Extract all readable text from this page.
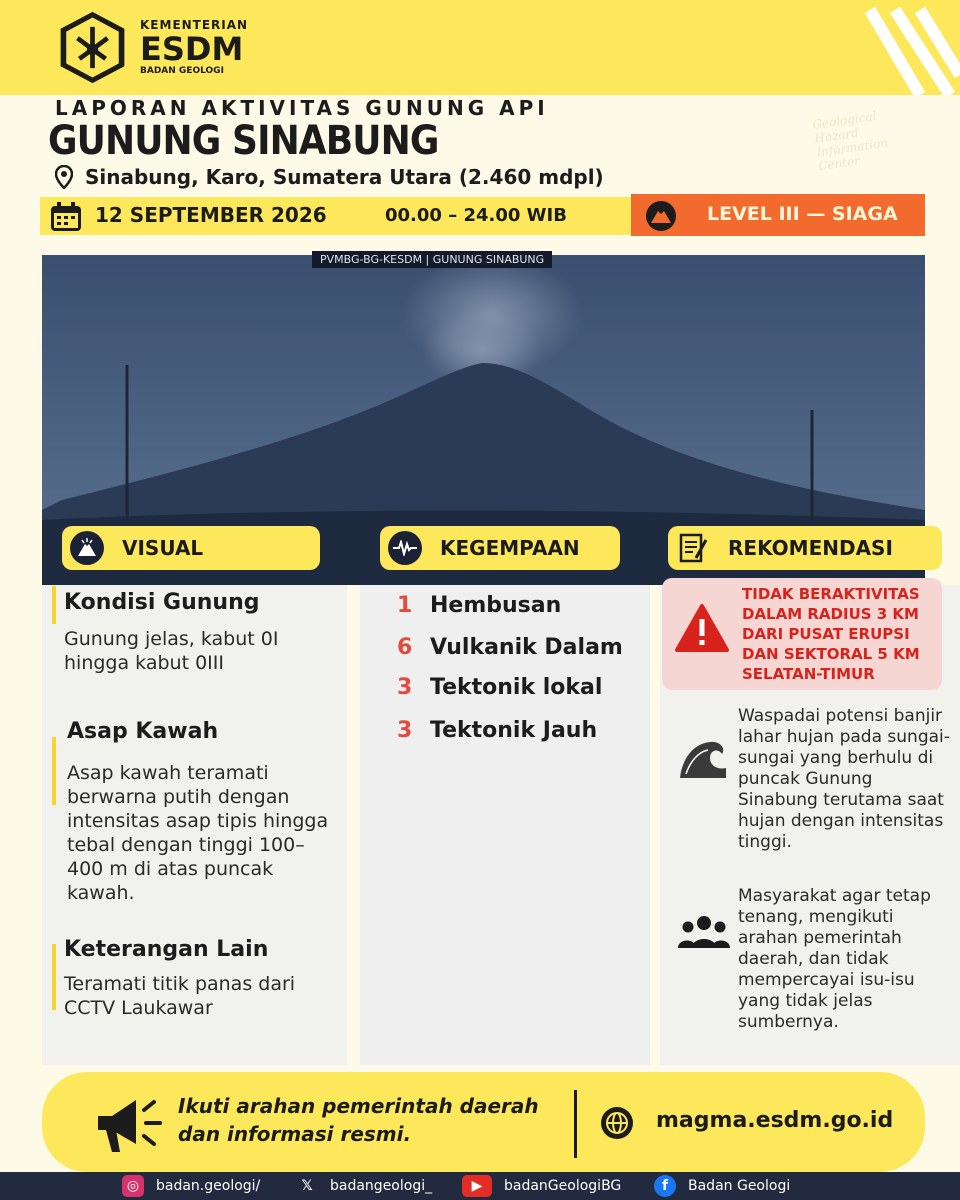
KEMENTERIAN
ESDM
BADAN GEOLOGI
Geological Hazard Information Center
LAPORAN AKTIVITAS GUNUNG API
GUNUNG SINABUNG
Sinabung, Karo, Sumatera Utara (2.460 mdpl)
12 SEPTEMBER 2026	00.00 – 24.00 WIB	LEVEL III — SIAGA
PVMBG-BG-KESDM | GUNUNG SINABUNG
VISUAL	KEGEMPAAN	REKOMENDASI
Kondisi Gunung
Gunung jelas, kabut 0I hingga kabut 0III
Asap Kawah
Asap kawah teramati berwarna putih dengan intensitas asap tipis hingga tebal dengan tinggi 100–400 m di atas puncak kawah.
Keterangan Lain
Teramati titik panas dari CCTV Laukawar
1 Hembusan
6 Vulkanik Dalam
3 Tektonik lokal
3 Tektonik Jauh
TIDAK BERAKTIVITAS DALAM RADIUS 3 KM DARI PUSAT ERUPSI DAN SEKTORAL 5 KM SELATAN-TIMUR
Waspadai potensi banjir lahar hujan pada sungai-sungai yang berhulu di puncak Gunung Sinabung terutama saat hujan dengan intensitas tinggi.
Masyarakat agar tetap tenang, mengikuti arahan pemerintah daerah, dan tidak mempercayai isu-isu yang tidak jelas sumbernya.
Ikuti arahan pemerintah daerah dan informasi resmi.
magma.esdm.go.id
◎	badan.geologi/	𝕏	badangeologi_	▶	badanGeologiBG	f	Badan Geologi
